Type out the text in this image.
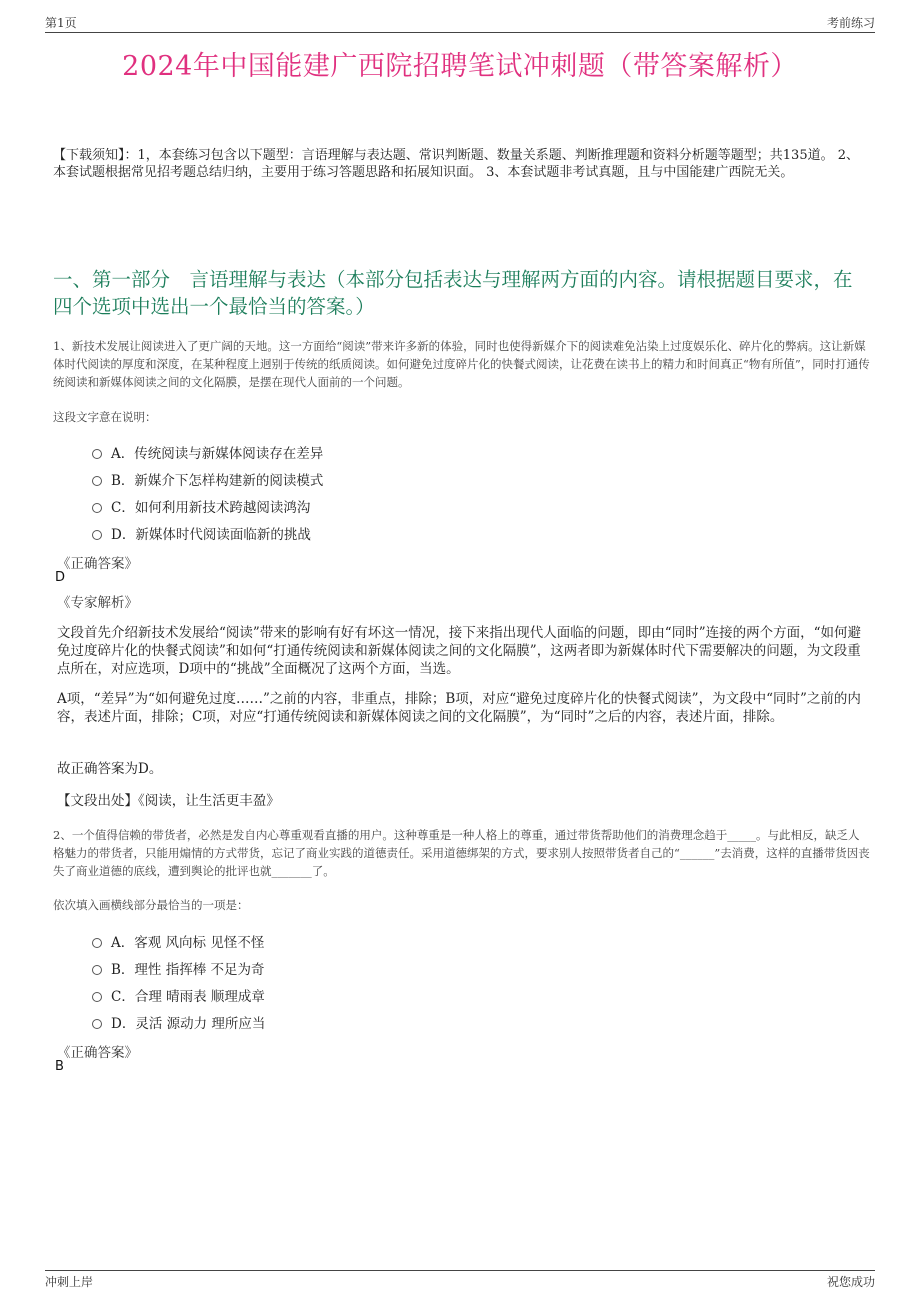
第1页	考前练习
2024年中国能建广西院招聘笔试冲刺题（带答案解析）
【下载须知】：1，本套练习包含以下题型：言语理解与表达题、常识判断题、数量关系题、判断推理题和资料分析题等题型；共135道。 2、本套试题根据常见招考题总结归纳，主要用于练习答题思路和拓展知识面。 3、本套试题非考试真题，且与中国能建广西院无关。
一、第一部分　言语理解与表达（本部分包括表达与理解两方面的内容。请根据题目要求，在四个选项中选出一个最恰当的答案。）
1、新技术发展让阅读进入了更广阔的天地。这一方面给“阅读”带来许多新的体验，同时也使得新媒介下的阅读难免沾染上过度娱乐化、碎片化的弊病。这让新媒体时代阅读的厚度和深度，在某种程度上迥别于传统的纸质阅读。如何避免过度碎片化的快餐式阅读，让花费在读书上的精力和时间真正“物有所值”，同时打通传统阅读和新媒体阅读之间的文化隔膜，是摆在现代人面前的一个问题。
这段文字意在说明：
A．传统阅读与新媒体阅读存在差异
B．新媒介下怎样构建新的阅读模式
C．如何利用新技术跨越阅读鸿沟
D．新媒体时代阅读面临新的挑战
《正确答案》
D
《专家解析》
文段首先介绍新技术发展给“阅读”带来的影响有好有坏这一情况，接下来指出现代人面临的问题，即由“同时”连接的两个方面，“如何避免过度碎片化的快餐式阅读”和如何“打通传统阅读和新媒体阅读之间的文化隔膜”，这两者即为新媒体时代下需要解决的问题，为文段重点所在，对应选项，D项中的“挑战”全面概况了这两个方面，当选。
A项，“差异”为“如何避免过度……”之前的内容，非重点，排除；B项，对应“避免过度碎片化的快餐式阅读”，为文段中“同时”之前的内容，表述片面，排除；C项，对应“打通传统阅读和新媒体阅读之间的文化隔膜”，为“同时”之后的内容，表述片面，排除。
故正确答案为D。
【文段出处】《阅读，让生活更丰盈》
2、一个值得信赖的带货者，必然是发自内心尊重观看直播的用户。这种尊重是一种人格上的尊重，通过带货帮助他们的消费理念趋于_____。与此相反，缺乏人格魅力的带货者，只能用煽情的方式带货，忘记了商业实践的道德责任。采用道德绑架的方式，要求别人按照带货者自己的“______”去消费，这样的直播带货因丧失了商业道德的底线，遭到舆论的批评也就_______了。
依次填入画横线部分最恰当的一项是：
A．客观 风向标 见怪不怪
B．理性 指挥棒 不足为奇
C．合理 晴雨表 顺理成章
D．灵活 源动力 理所应当
《正确答案》
B
冲刺上岸	祝您成功
